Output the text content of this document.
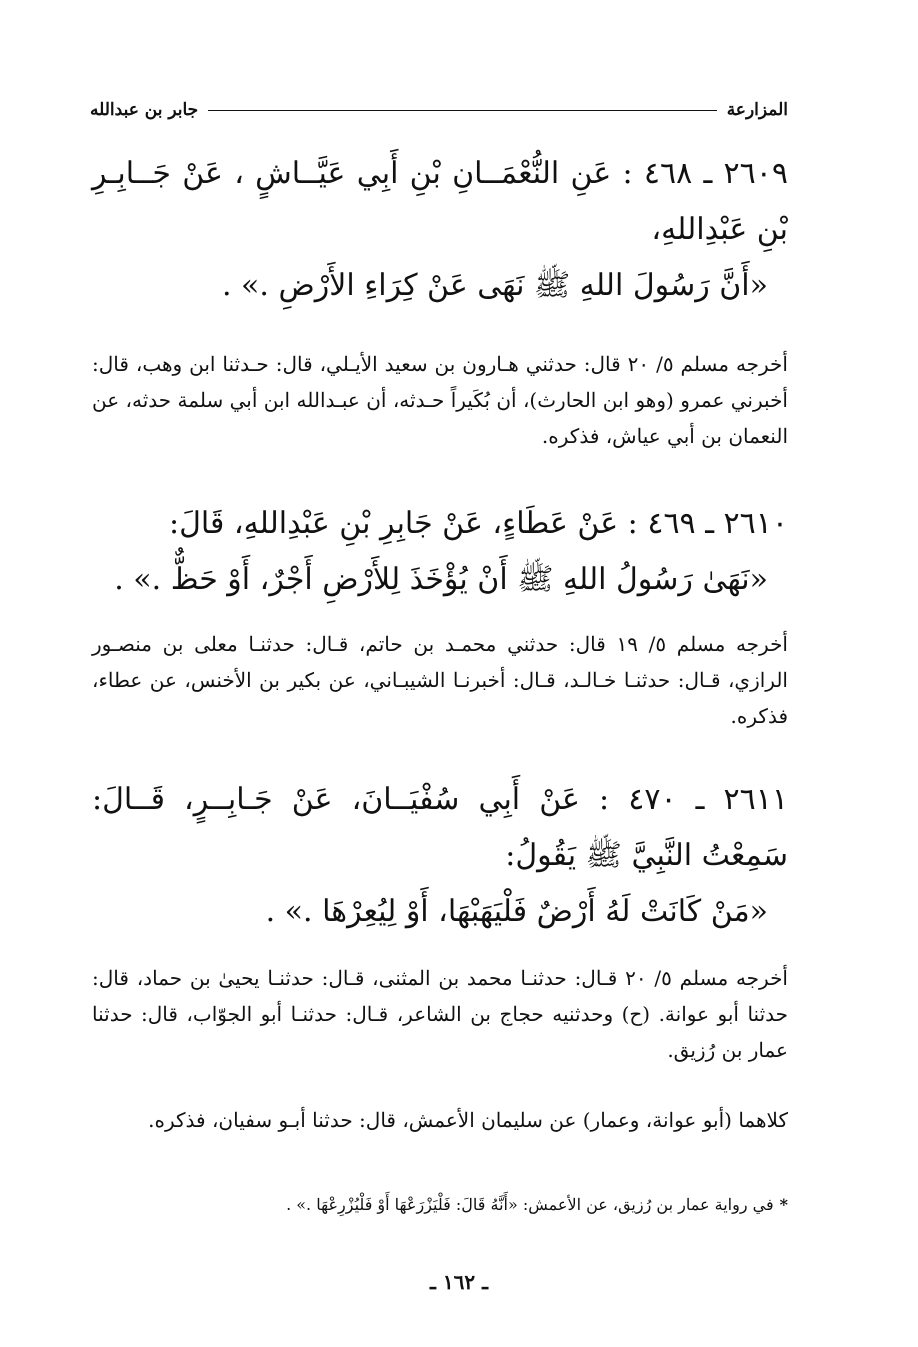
المزارعة
جابر بن عبدالله
٢٦٠٩ ـ ٤٦٨ : عَنِ النُّعْمَــانِ بْنِ أَبِي عَيَّــاشٍ ، عَنْ جَــابِـرِ بْنِ عَبْدِاللهِ،
«أَنَّ رَسُولَ اللهِ ﷺ نَهَى عَنْ كِرَاءِ الأَرْضِ .» .
أخرجه مسلم ٥/ ٢٠ قال: حدثني هـارون بن سعيد الأيـلي، قال: حـدثنا ابن وهب، قال: أخبرني عمرو (وهو ابن الحارث)، أن بُكَيراً حـدثه، أن عبـدالله ابن أبي سلمة حدثه، عن النعمان بن أبي عياش، فذكره.
٢٦١٠ ـ ٤٦٩ : عَنْ عَطَاءٍ، عَنْ جَابِرِ بْنِ عَبْدِاللهِ، قَالَ:
«نَهَىٰ رَسُولُ اللهِ ﷺ أَنْ يُؤْخَذَ لِلأَرْضِ أَجْرٌ، أَوْ حَظٌّ .» .
أخرجه مسلم ٥/ ١٩ قال: حدثني محمـد بن حاتم، قـال: حدثنـا معلى بن منصـور الرازي، قـال: حدثنـا خـالـد، قـال: أخبرنـا الشيبـاني، عن بكير بن الأخنس، عن عطاء، فذكره.
٢٦١١ ـ ٤٧٠ : عَنْ أَبِي سُفْيَــانَ، عَنْ جَـابِــرٍ، قَــالَ: سَمِعْتُ النَّبِيَّ ﷺ يَقُولُ:
«مَنْ كَانَتْ لَهُ أَرْضٌ فَلْيَهَبْهَا، أَوْ لِيُعِرْهَا .» .
أخرجه مسلم ٥/ ٢٠ قـال: حدثنـا محمد بن المثنى، قـال: حدثنـا يحيىٰ بن حماد، قال: حدثنا أبو عوانة. (ح) وحدثنيه حجاج بن الشاعر، قـال: حدثنـا أبو الجوّاب، قال: حدثنا عمار بن رُزيق.
كلاهما (أبو عوانة، وعمار) عن سليمان الأعمش، قال: حدثنا أبـو سفيان، فذكره.
*في رواية عمار بن رُزيق، عن الأعمش: «أَنَّهُ قَالَ: فَلْيَزْرَعْهَا أَوْ فَلْيُزْرِعْهَا .» .
ـ ١٦٢ ـ
